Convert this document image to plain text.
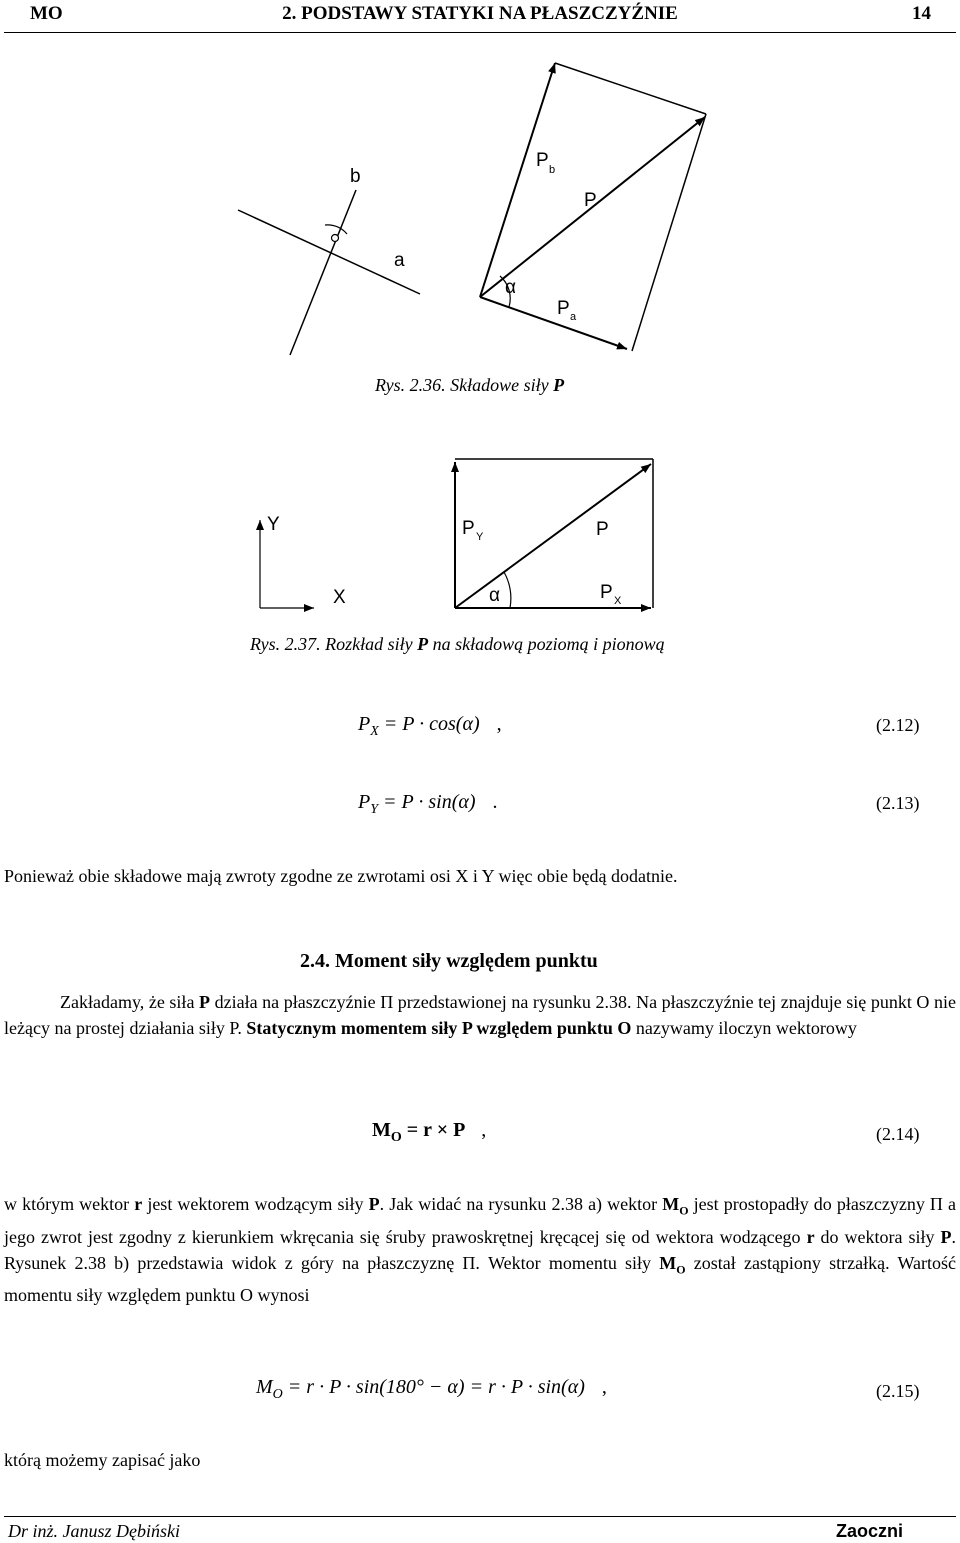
MO	2. PODSTAWY STATYKI NA PŁASZCZYŹNIE	14
b
a
P b
P
α
P a
Rys. 2.36. Składowe siły P
Y
X
P Y	P
α	P X
Rys. 2.37. Rozkład siły P na składową poziomą i pionową
$P_X = P \cdot \cos(\alpha)$ ,	(2.12)
$P_Y = P \cdot \sin(\alpha)$ .	(2.13)
Ponieważ obie składowe mają zwroty zgodne ze zwrotami osi X i Y więc obie będą dodatnie.
2.4. Moment siły względem punktu
Zakładamy, że siła P działa na płaszczyźnie Π przedstawionej na rysunku 2.38. Na płaszczyźnie tej znajduje się punkt O nie leżący na prostej działania siły P. Statycznym momentem siły P względem punktu O nazywamy iloczyn wektorowy
$M_O = r \times P$ ,	(2.14)
w którym wektor r jest wektorem wodzącym siły P. Jak widać na rysunku 2.38 a) wektor $M_O$ jest prostopadły do płaszczyzny Π a jego zwrot jest zgodny z kierunkiem wkręcania się śruby prawoskrętnej kręcącej się od wektora wodzącego r do wektora siły P. Rysunek 2.38 b) przedstawia widok z góry na płaszczyznę Π. Wektor momentu siły $M_O$ został zastąpiony strzałką. Wartość momentu siły względem punktu O wynosi
$M_O = r \cdot P \cdot \sin(180^\circ - \alpha) = r \cdot P \cdot \sin(\alpha)$ ,	(2.15)
którą możemy zapisać jako
Dr inż. Janusz Dębiński	Zaoczni
